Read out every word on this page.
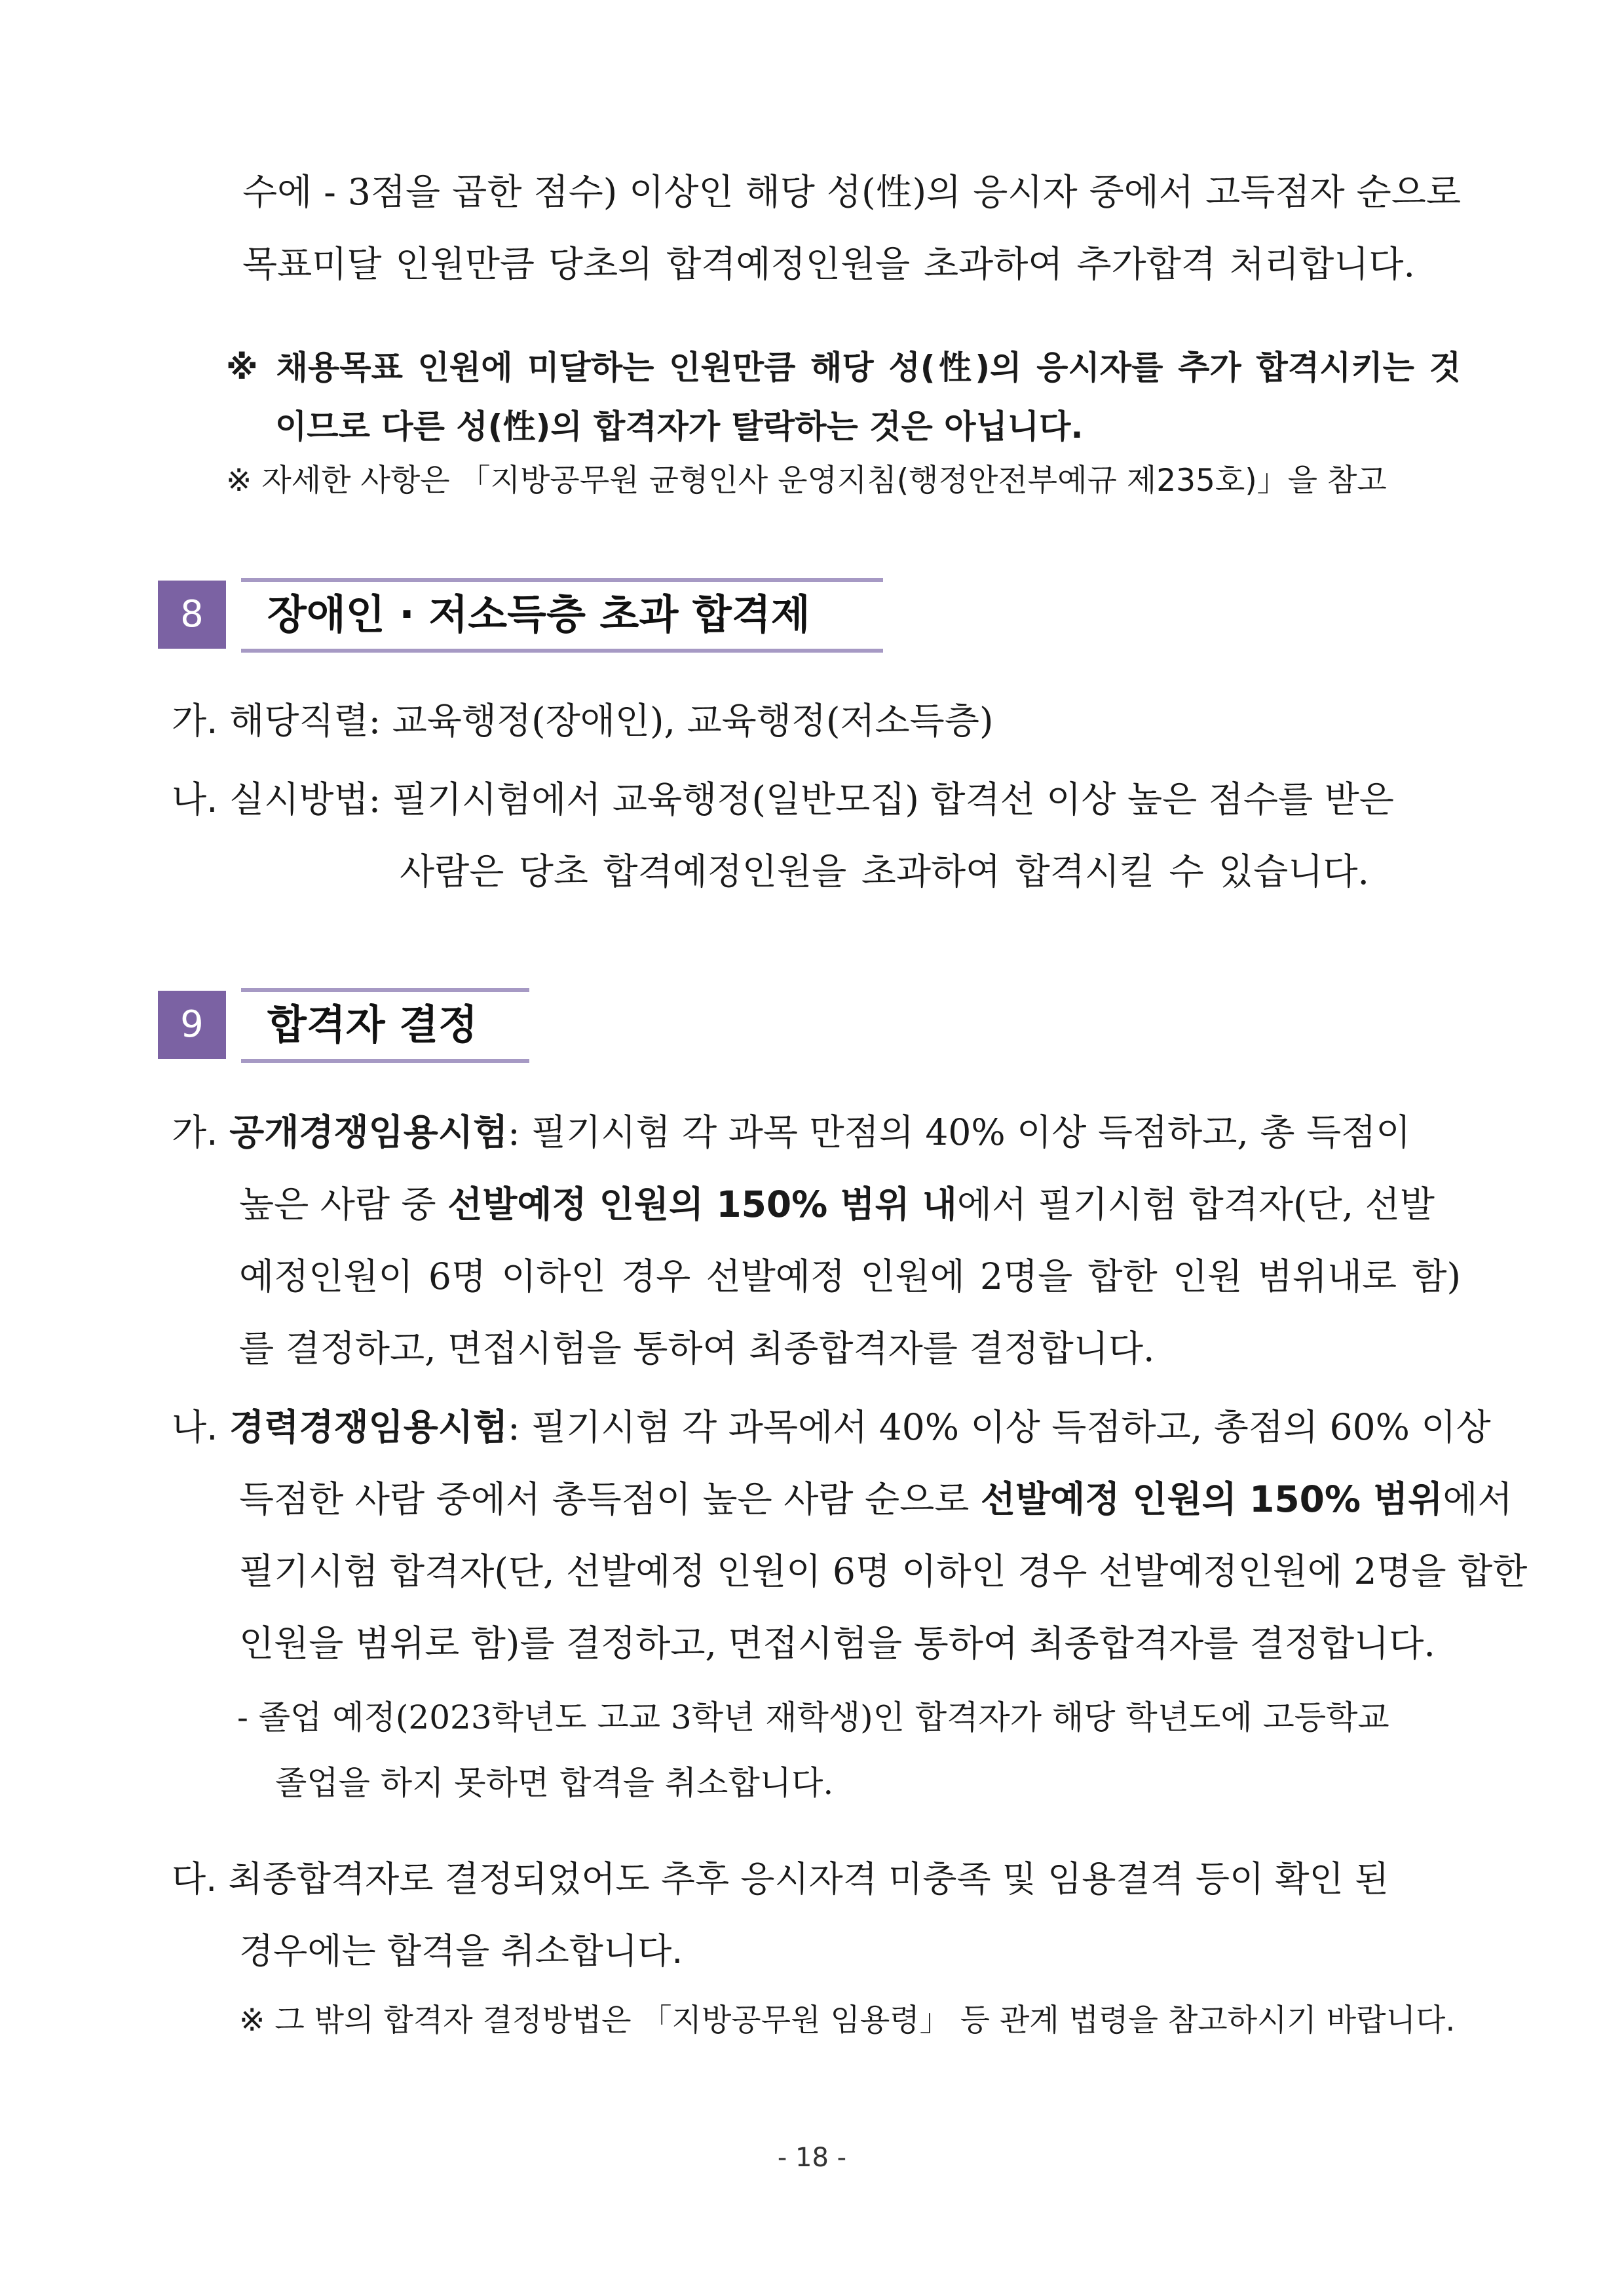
수에 - 3점을 곱한 점수) 이상인 해당 성(性)의 응시자 중에서 고득점자 순으로
목표미달 인원만큼 당초의 합격예정인원을 초과하여 추가합격 처리합니다.
※ 채용목표 인원에 미달하는 인원만큼 해당 성(性)의 응시자를 추가 합격시키는 것
이므로 다른 성(性)의 합격자가 탈락하는 것은 아닙니다.
※ 자세한 사항은 「지방공무원 균형인사 운영지침(행정안전부예규 제235호)」을 참고
8	장애인 · 저소득층 초과 합격제
가. 해당직렬: 교육행정(장애인), 교육행정(저소득층)
나. 실시방법: 필기시험에서 교육행정(일반모집) 합격선 이상 높은 점수를 받은
사람은 당초 합격예정인원을 초과하여 합격시킬 수 있습니다.
9	합격자 결정
가. 공개경쟁임용시험: 필기시험 각 과목 만점의 40% 이상 득점하고, 총 득점이
높은 사람 중 선발예정 인원의 150% 범위 내에서 필기시험 합격자(단, 선발
예정인원이 6명 이하인 경우 선발예정 인원에 2명을 합한 인원 범위내로 함)
를 결정하고, 면접시험을 통하여 최종합격자를 결정합니다.
나. 경력경쟁임용시험: 필기시험 각 과목에서 40% 이상 득점하고, 총점의 60% 이상
득점한 사람 중에서 총득점이 높은 사람 순으로 선발예정 인원의 150% 범위에서
필기시험 합격자(단, 선발예정 인원이 6명 이하인 경우 선발예정인원에 2명을 합한
인원을 범위로 함)를 결정하고, 면접시험을 통하여 최종합격자를 결정합니다.
- 졸업 예정(2023학년도 고교 3학년 재학생)인 합격자가 해당 학년도에 고등학교
졸업을 하지 못하면 합격을 취소합니다.
다. 최종합격자로 결정되었어도 추후 응시자격 미충족 및 임용결격 등이 확인 된
경우에는 합격을 취소합니다.
※ 그 밖의 합격자 결정방법은 「지방공무원 임용령」 등 관계 법령을 참고하시기 바랍니다.
- 18 -
